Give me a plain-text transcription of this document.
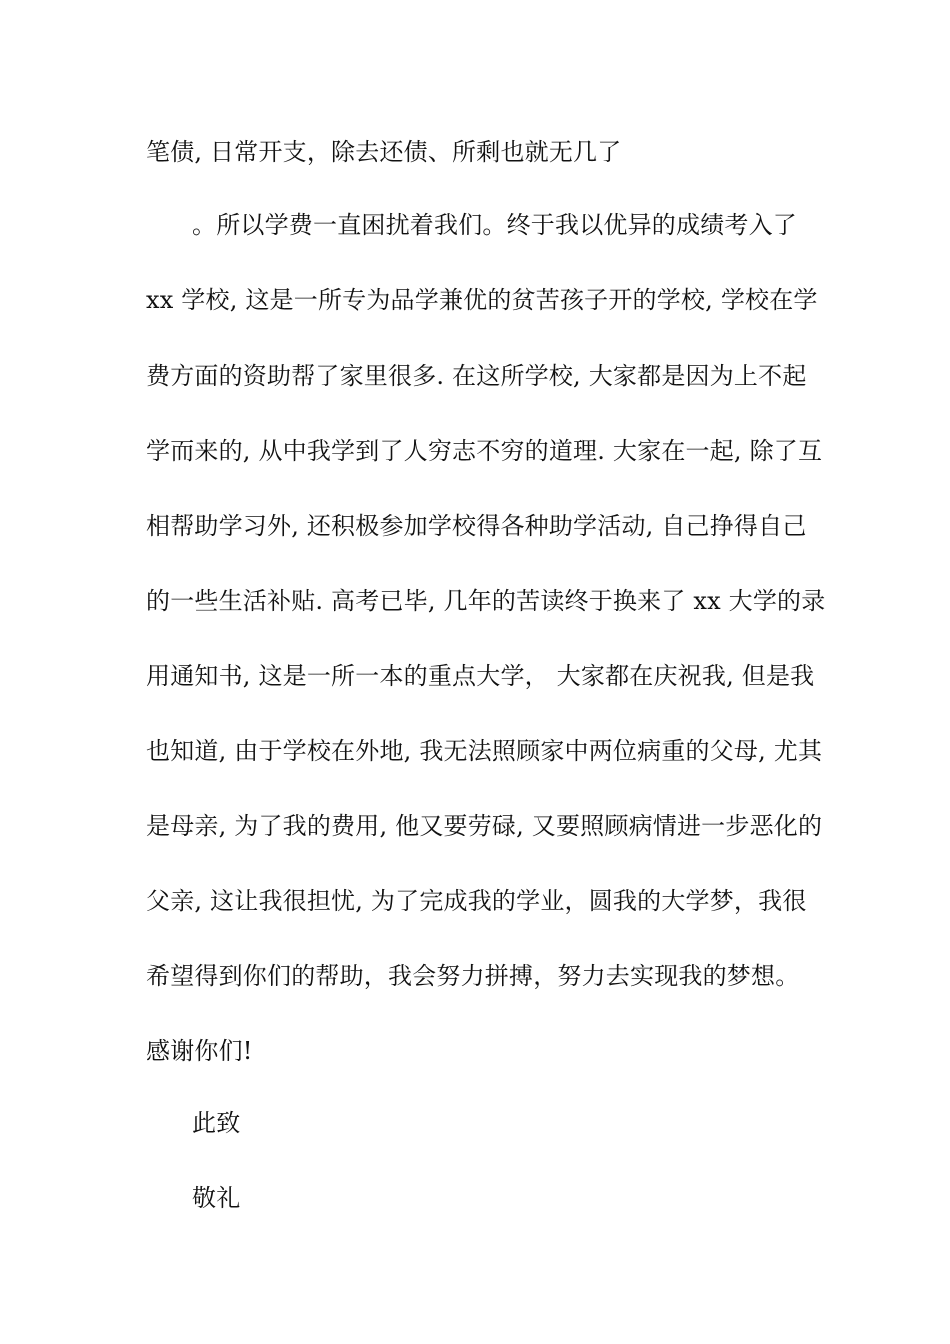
笔债, 日常开支，除去还债、所剩也就无几了
。所以学费一直困扰着我们。终于我以优异的成绩考入了
xx 学校, 这是一所专为品学兼优的贫苦孩子开的学校, 学校在学
费方面的资助帮了家里很多. 在这所学校, 大家都是因为上不起
学而来的, 从中我学到了人穷志不穷的道理. 大家在一起, 除了互
相帮助学习外, 还积极参加学校得各种助学活动, 自己挣得自己
的一些生活补贴. 高考已毕, 几年的苦读终于换来了 xx 大学的录
用通知书, 这是一所一本的重点大学， 大家都在庆祝我, 但是我
也知道, 由于学校在外地, 我无法照顾家中两位病重的父母, 尤其
是母亲, 为了我的费用, 他又要劳碌, 又要照顾病情进一步恶化的
父亲, 这让我很担忧, 为了完成我的学业，圆我的大学梦，我很
希望得到你们的帮助，我会努力拼搏，努力去实现我的梦想。
感谢你们!
此致
敬礼
